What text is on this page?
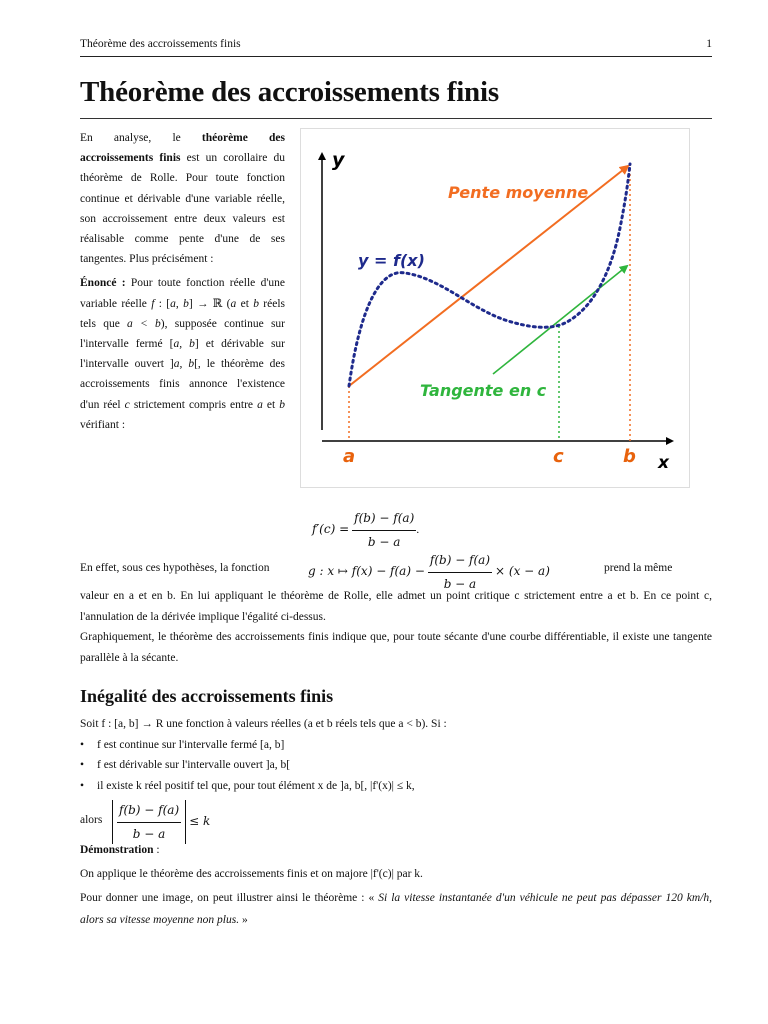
Théorème des accroissements finis	1
Théorème des accroissements finis

En analyse, le théorème des accroissements finis est un corollaire du théorème de Rolle. Pour toute fonction continue et dérivable d'une variable réelle, son accroissement entre deux valeurs est réalisable comme pente d'une de ses tangentes. Plus précisément :

Énoncé : Pour toute fonction réelle d'une variable réelle f : [a, b] → ℝ (a et b réels tels que a < b), supposée continue sur l'intervalle fermé [a, b] et dérivable sur l'intervalle ouvert ]a, b[, le théorème des accroissements finis annonce l'existence d'un réel c strictement compris entre a et b vérifiant :

y
x
Pente moyenne
y = f(x)
Tangente en c
a	c	b
$f'(c) = \frac{f(b) - f(a)}{b - a}$ .
En effet, sous ces hypothèses, la fonction	g : x ↦ $f(x) - f(a) - \frac{f(b) - f(a)}{b - a} \times (x - a)$	prend la même
valeur en a et en b. En lui appliquant le théorème de Rolle, elle admet un point critique c strictement entre a et b. En ce point c, l'annulation de la dérivée implique l'égalité ci-dessus.
Graphiquement, le théorème des accroissements finis indique que, pour toute sécante d'une courbe différentiable, il existe une tangente parallèle à la sécante.
Inégalité des accroissements finis
Soit f : [a, b] → R une fonction à valeurs réelles (a et b réels tels que a < b). Si :
• f est continue sur l'intervalle fermé [a, b]
• f est dérivable sur l'intervalle ouvert ]a, b[
• il existe k réel positif tel que, pour tout élément x de ]a, b[, |f'(x)| ≤ k,
alors $\frac{f(b) - f(a)}{b - a} \le k$
Démonstration :
On applique le théorème des accroissements finis et on majore |f'(c)| par k.
Pour donner une image, on peut illustrer ainsi le théorème : « Si la vitesse instantanée d'un véhicule ne peut pas dépasser 120 km/h, alors sa vitesse moyenne non plus. »
